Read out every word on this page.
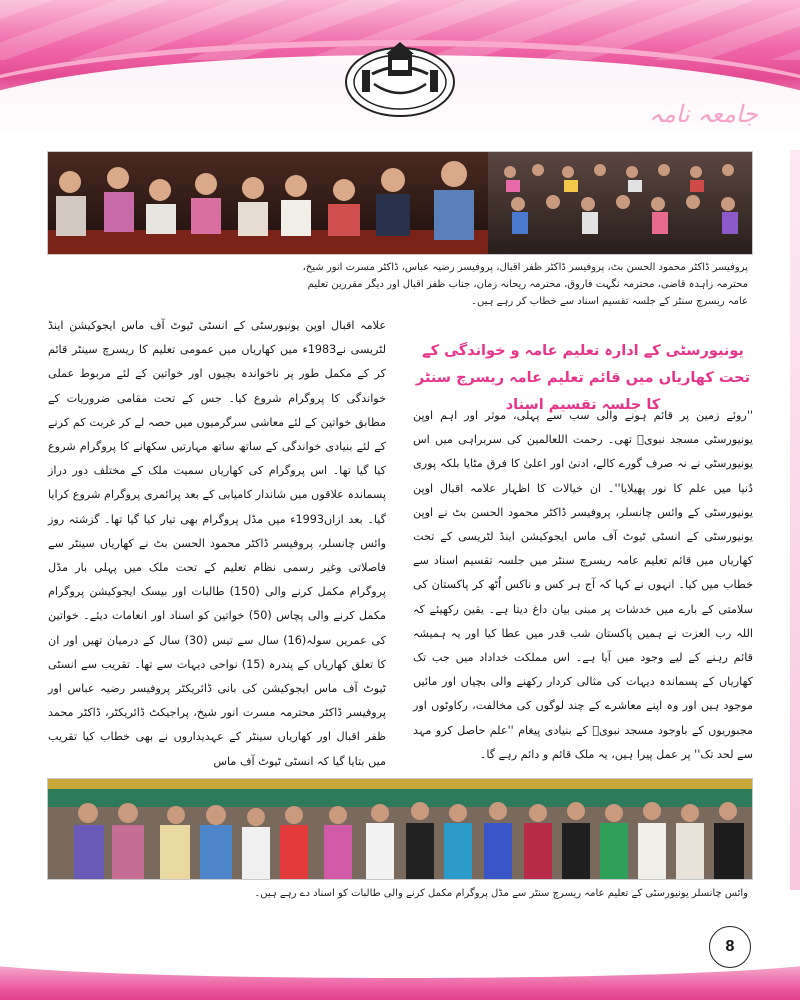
جامعہ نامہ
پروفیسر ڈاکٹر محمود الحسن بٹ، پروفیسر ڈاکٹر ظفر اقبال، پروفیسر رضیہ عباس، ڈاکٹر مسرت انور شیخ، محترمہ زاہدہ قاضی، محترمہ نگہت فاروق، محترمہ ریحانہ زمان، جناب ظفر اقبال اور دیگر مقررین تعلیم عامہ ریسرچ سنٹر کے جلسہ تقسیم اسناد سے خطاب کر رہے ہیں۔
یونیورسٹی کے ادارہ تعلیم عامہ و خواندگی کے تحت کھاریاں میں قائم تعلیم عامہ ریسرچ سنٹر کا جلسہ تقسیم اسناد
''روئے زمین پر قائم ہونے والی سب سے پہلی، موثر اور اہم اوپن یونیورسٹی مسجد نبویؐ تھی۔ رحمت اللعالمین کی سربراہی میں اس یونیورسٹی نے نہ صرف گورے کالے، ادنیٰ اور اعلیٰ کا فرق مٹایا بلکہ پوری دُنیا میں علم کا نور پھیلایا''۔ ان خیالات کا اظہار علامہ اقبال اوپن یونیورسٹی کے وائس چانسلر، پروفیسر ڈاکٹر محمود الحسن بٹ نے اوپن یونیورسٹی کے انسٹی ٹیوٹ آف ماس ایجوکیشن اینڈ لٹریسی کے تحت کھاریاں میں قائم تعلیم عامہ ریسرچ سنٹر میں جلسہ تقسیم اسناد سے خطاب میں کیا۔ انہوں نے کہا کہ آج ہر کس و ناکس اُٹھ کر پاکستان کی سلامتی کے بارے میں خدشات پر مبنی بیان داغ دیتا ہے۔ یقین رکھیئے کہ اللہ رب العزت نے ہمیں پاکستان شب قدر میں عطا کیا اور یہ ہمیشہ قائم رہنے کے لیے وجود میں آیا ہے۔ اس مملکت خداداد میں جب تک کھاریاں کے پسماندہ دیہات کی مثالی کردار رکھنے والی بچیاں اور مائیں موجود ہیں اور وہ اپنے معاشرے کے چند لوگوں کی مخالفت، رکاوٹوں اور مجبوریوں کے باوجود مسجد نبویؐ کے بنیادی پیغام ''علم حاصل کرو مہد سے لحد تک'' پر عمل پیرا ہیں، یہ ملک قائم و دائم رہے گا۔
علامہ اقبال اوپن یونیورسٹی کے انسٹی ٹیوٹ آف ماس ایجوکیشن اینڈ لٹریسی نے1983ء میں کھاریاں میں عمومی تعلیم کا ریسرچ سینٹر قائم کر کے مکمل طور پر ناخواندہ بچیوں اور خواتین کے لئے مربوط عملی خواندگی کا پروگرام شروع کیا۔ جس کے تحت مقامی ضروریات کے مطابق خواتین کے لئے معاشی سرگرمیوں میں حصہ لے کر غربت کم کرنے کے لئے بنیادی خواندگی کے ساتھ ساتھ مہارتیں سکھانے کا پروگرام شروع کیا گیا تھا۔ اس پروگرام کی کھاریاں سمیت ملک کے مختلف دور دراز پسماندہ علاقوں میں شاندار کامیابی کے بعد پرائمری پروگرام شروع کرایا گیا۔ بعد ازاں1993ء میں مڈل پروگرام بھی تیار کیا گیا تھا۔ گزشتہ روز وائس چانسلر، پروفیسر ڈاکٹر محمود الحسن بٹ نے کھاریاں سینٹر سے فاصلاتی وغیر رسمی نظام تعلیم کے تحت ملک میں پہلی بار مڈل پروگرام مکمل کرنے والی (150) طالبات اور بیسک ایجوکیشن پروگرام مکمل کرنے والی پچاس (50) خواتین کو اسناد اور انعامات دیئے۔ خواتین کی عمریں سولہ(16) سال سے تیس (30) سال کے درمیان تھیں اور ان کا تعلق کھاریاں کے پندرہ (15) نواحی دیہات سے تھا۔ تقریب سے انسٹی ٹیوٹ آف ماس ایجوکیشن کی بانی ڈائریکٹر پروفیسر رضیہ عباس اور پروفیسر ڈاکٹر محترمہ مسرت انور شیخ، پراجیکٹ ڈائریکٹر، ڈاکٹر محمد ظفر اقبال اور کھاریاں سینٹر کے عہدیداروں نے بھی خطاب کیا تقریب میں بتایا گیا کہ انسٹی ٹیوٹ آف ماس
وائس چانسلر یونیورسٹی کے تعلیم عامہ ریسرچ سنٹر سے مڈل پروگرام مکمل کرنے والی طالبات کو اسناد دے رہے ہیں۔
8
